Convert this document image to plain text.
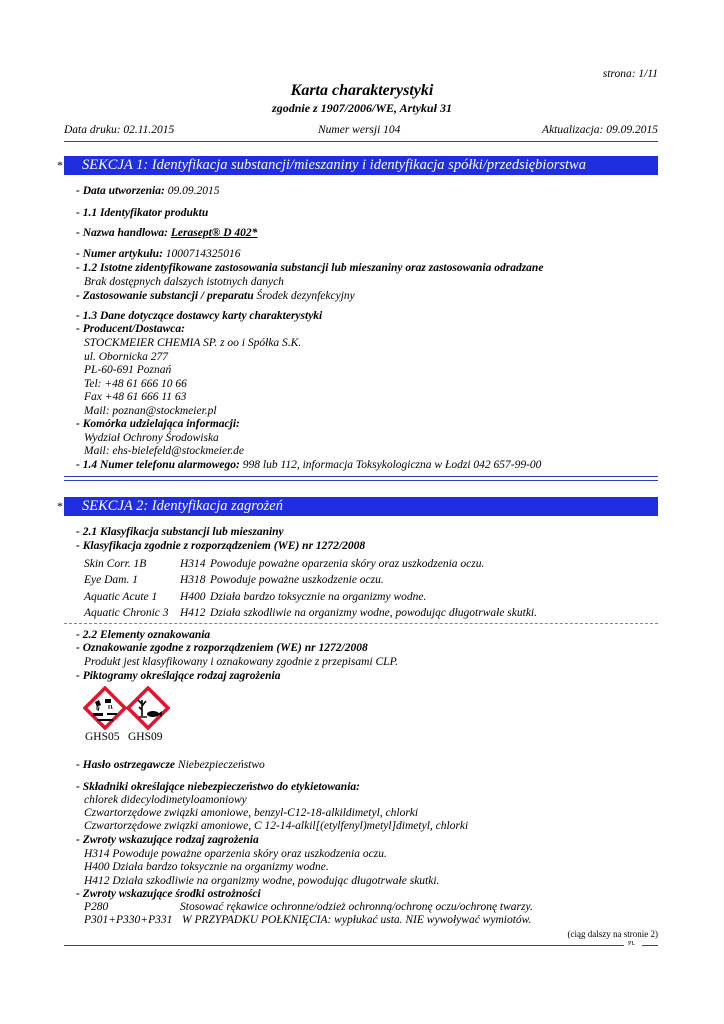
strona: 1/11
Karta charakterystyki
zgodnie z 1907/2006/WE, Artykuł 31
Data druku: 02.11.2015	Numer wersji 104	Aktualizacja: 09.09.2015
*	SEKCJA 1: Identyfikacja substancji/mieszaniny i identyfikacja spółki/przedsiębiorstwa
- Data utworzenia: 09.09.2015
- 1.1 Identyfikator produktu
- Nazwa handlowa: Lerasept® D 402*
- Numer artykułu: 1000714325016
- 1.2 Istotne zidentyfikowane zastosowania substancji lub mieszaniny oraz zastosowania odradzane
Brak dostępnych dalszych istotnych danych
- Zastosowanie substancji / preparatu Środek dezynfekcyjny
- 1.3 Dane dotyczące dostawcy karty charakterystyki
- Producent/Dostawca:
STOCKMEIER CHEMIA SP. z oo i Spółka S.K.
ul. Obornicka 277
PL-60-691 Poznań
Tel: +48 61 666 10 66
Fax +48 61 666 11 63
Mail: poznan@stockmeier.pl
- Komórka udzielająca informacji:
Wydział Ochrony Środowiska
Mail: ehs-bielefeld@stockmeier.de
- 1.4 Numer telefonu alarmowego: 998 lub 112, informacja Toksykologiczna w Łodzi 042 657-99-00
*	SEKCJA 2: Identyfikacja zagrożeń
- 2.1 Klasyfikacja substancji lub mieszaniny
- Klasyfikacja zgodnie z rozporządzeniem (WE) nr 1272/2008
Skin Corr. 1B	H314 Powoduje poważne oparzenia skóry oraz uszkodzenia oczu.
Eye Dam. 1	H318 Powoduje poważne uszkodzenie oczu.
Aquatic Acute 1 H400 Działa bardzo toksycznie na organizmy wodne.
Aquatic Chronic 3 H412 Działa szkodliwie na organizmy wodne, powodując długotrwałe skutki.
- 2.2 Elementy oznakowania
- Oznakowanie zgodne z rozporządzeniem (WE) nr 1272/2008
Produkt jest klasyfikowany i oznakowany zgodnie z przepisami CLP.
- Piktogramy określające rodzaj zagrożenia
GHS05 GHS09
- Hasło ostrzegawcze Niebezpieczeństwo
- Składniki określające niebezpieczeństwo do etykietowania:
chlorek didecylodimetyloamoniowy
Czwartorzędowe związki amoniowe, benzyl-C12-18-alkildimetyl, chlorki
Czwartorzędowe związki amoniowe, C 12-14-alkil[(etylfenyl)metyl]dimetyl, chlorki
- Zwroty wskazujące rodzaj zagrożenia
H314 Powoduje poważne oparzenia skóry oraz uszkodzenia oczu.
H400 Działa bardzo toksycznie na organizmy wodne.
H412 Działa szkodliwie na organizmy wodne, powodując długotrwałe skutki.
- Zwroty wskazujące środki ostrożności
P280	Stosować rękawice ochronne/odzież ochronną/ochronę oczu/ochronę twarzy.
P301+P330+P331 W PRZYPADKU POŁKNIĘCIA: wypłukać usta. NIE wywoływać wymiotów.
(ciąg dalszy na stronie 2)
PL
